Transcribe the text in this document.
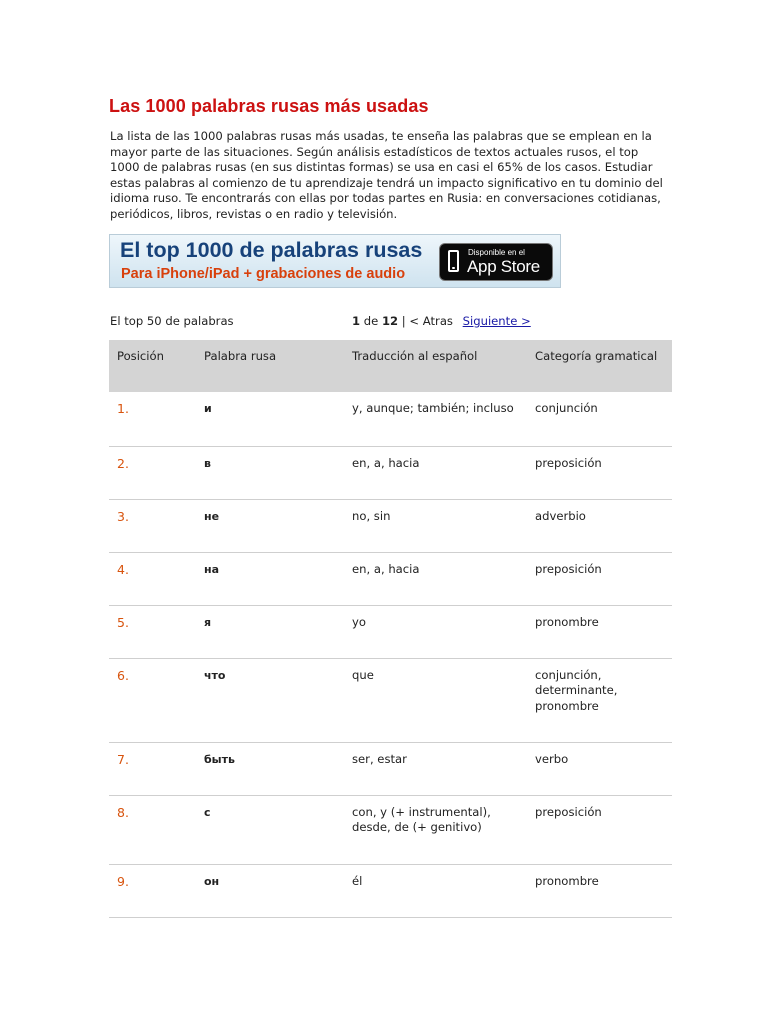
Las 1000 palabras rusas más usadas
La lista de las 1000 palabras rusas más usadas, te enseña las palabras que se emplean en la mayor parte de las situaciones. Según análisis estadísticos de textos actuales rusos, el top 1000 de palabras rusas (en sus distintas formas) se usa en casi el 65% de los casos. Estudiar estas palabras al comienzo de tu aprendizaje tendrá un impacto significativo en tu dominio del idioma ruso. Te encontrarás con ellas por todas partes en Rusia: en conversaciones cotidianas, periódicos, libros, revistas o en radio y televisión.
El top 1000 de palabras rusas
Para iPhone/iPad + grabaciones de audio
Disponible en el
App Store
El top 50 de palabras	1 de 12 | < Atras Siguiente >
Posición	Palabra rusa	Traducción al español	Categoría gramatical
1.	и	y, aunque; también; incluso	conjunción
2.	в	en, a, hacia	preposición
3.	не	no, sin	adverbio
4.	на	en, a, hacia	preposición
5.	я	yo	pronombre
6.	что	que	conjunción, determinante, pronombre
7.	быть	ser, estar	verbo
8.	с	con, y (+ instrumental), desde, de (+ genitivo)	preposición
9.	он	él	pronombre
